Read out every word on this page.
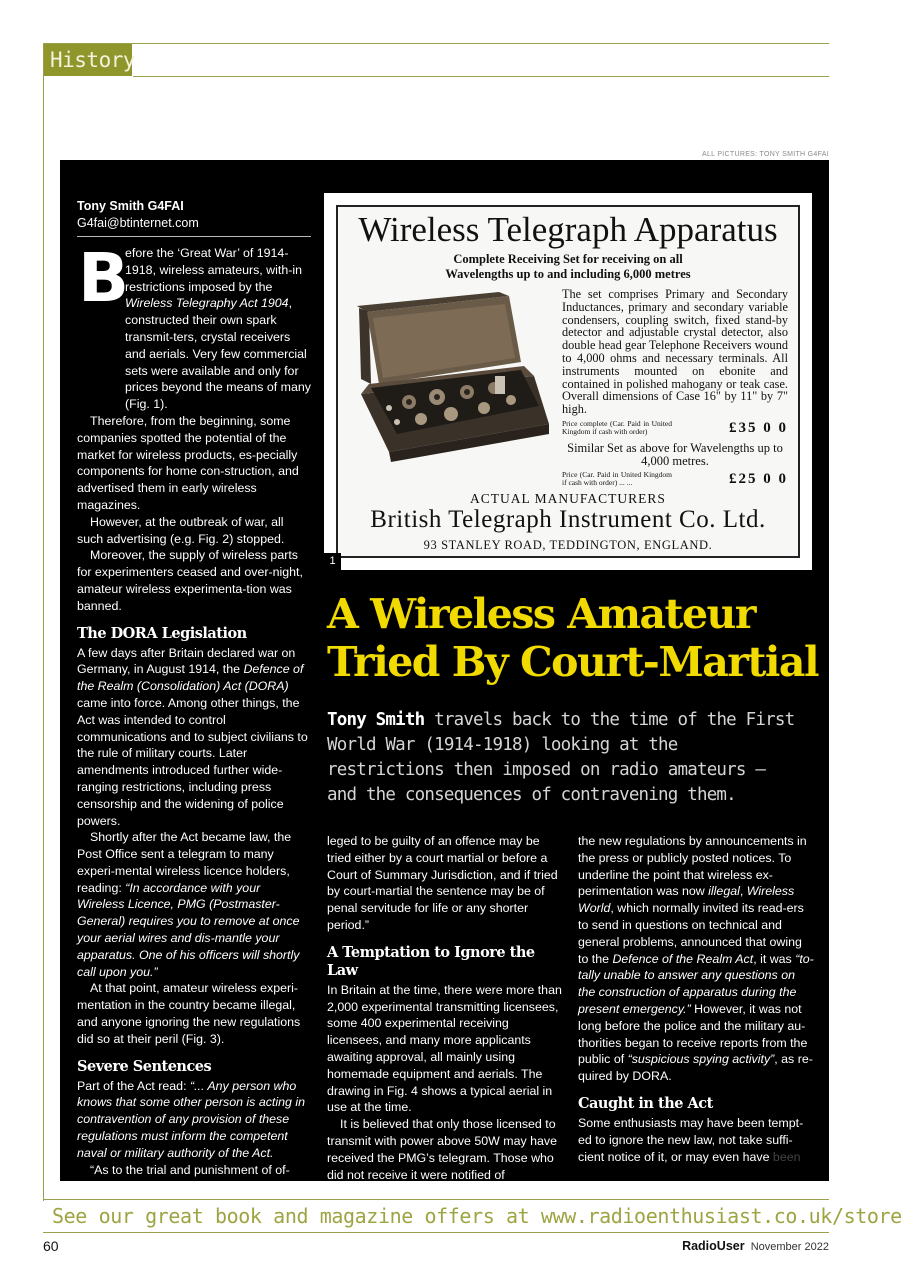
History
ALL PICTURES: TONY SMITH G4FAI
Tony Smith G4FAI
G4fai@btinternet.com
B

efore the ‘Great War’ of 1914-1918, wireless amateurs, with-in restrictions imposed by the Wireless Telegraphy Act 1904, constructed their own spark transmit-ters, crystal receivers and aerials. Very few commercial sets were available and only for prices beyond the means of many (Fig. 1).

Therefore, from the beginning, some companies spotted the potential of the market for wireless products, es-pecially components for home con-struction, and advertised them in early wireless magazines.

However, at the outbreak of war, all such advertising (e.g. Fig. 2) stopped.

Moreover, the supply of wireless parts for experimenters ceased and over-night, amateur wireless experimenta-tion was banned.

The DORA Legislation

A few days after Britain declared war on Germany, in August 1914, the Defence of the Realm (Consolidation) Act (DORA) came into force. Among other things, the Act was intended to control communications and to subject civilians to the rule of military courts. Later amendments introduced further wide-ranging restrictions, including press censorship and the widening of police powers.

Shortly after the Act became law, the Post Office sent a telegram to many experi-mental wireless licence holders, reading: “In accordance with your Wireless Licence, PMG (Postmaster-General) requires you to remove at once your aerial wires and dis-mantle your apparatus. One of his officers will shortly call upon you.”

At that point, amateur wireless experi-mentation in the country became illegal, and anyone ignoring the new regulations did so at their peril (Fig. 3).

Severe Sentences

Part of the Act read: “... Any person who knows that some other person is acting in contravention of any provision of these regulations must inform the competent naval or military authority of the Act.

“As to the trial and punishment of of-fences, it is provided that any person al-

Wireless Telegraph Apparatus
Complete Receiving Set for receiving on all
Wavelengths up to and including 6,000 metres
The set comprises Primary and Secondary Inductances, primary and secondary variable condensers, coupling switch, fixed stand-by detector and adjustable crystal detector, also double head gear Telephone Receivers wound to 4,000 ohms and necessary terminals. All instruments mounted on ebonite and contained in polished mahogany or teak case. Overall dimensions of Case 16" by 11" by 7" high.
Price complete (Car. Paid in United Kingdom if cash with order)	£35 0 0
Similar Set as above for Wavelengths up to 4,000 metres.
Price (Car. Paid in United Kingdom if cash with order) ... ...	£25 0 0
ACTUAL MANUFACTURERS
British Telegraph Instrument Co. Ltd.
93 STANLEY ROAD, TEDDINGTON, ENGLAND.
1
A Wireless Amateur
Tried By Court-Martial
Tony Smith travels back to the time of the First World War (1914-1918) looking at the restrictions then imposed on radio amateurs – and the consequences of contravening them.

leged to be guilty of an offence may be tried either by a court martial or before a Court of Summary Jurisdiction, and if tried by court-martial the sentence may be of penal servitude for life or any shorter period.”

A Temptation to Ignore the Law

In Britain at the time, there were more than 2,000 experimental transmitting licensees, some 400 experimental receiving licensees, and many more applicants awaiting approval, all mainly using homemade equipment and aerials. The drawing in Fig. 4 shows a typical aerial in use at the time.

It is believed that only those licensed to transmit with power above 50W may have received the PMG’s telegram. Those who did not receive it were notified of

the new regulations by announcements in the press or publicly posted notices. To underline the point that wireless ex-perimentation was now illegal, Wireless World, which normally invited its read-ers to send in questions on technical and general problems, announced that owing to the Defence of the Realm Act, it was “to-tally unable to answer any questions on the construction of apparatus during the present emergency.” However, it was not long before the police and the military au-thorities began to receive reports from the public of “suspicious spying activity”, as re-quired by DORA.

Caught in the Act

Some enthusiasts may have been tempt-ed to ignore the new law, not take suffi-cient notice of it, or may even have been

See our great book and magazine offers at www.radioenthusiast.co.uk/store
60	RadioUser November 2022
